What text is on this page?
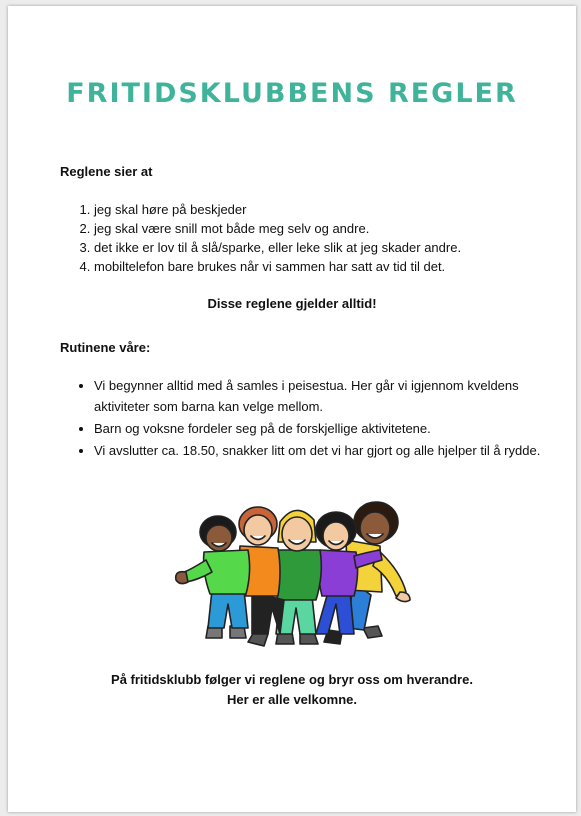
FRITIDSKLUBBENS REGLER
Reglene sier at
1. jeg skal høre på beskjeder
2. jeg skal være snill mot både meg selv og andre.
3. det ikke er lov til å slå/sparke, eller leke slik at jeg skader andre.
4. mobiltelefon bare brukes når vi sammen har satt av tid til det.
Disse reglene gjelder alltid!
Rutinene våre:
• Vi begynner alltid med å samles i peisestua. Her går vi igjennom kveldens aktiviteter som barna kan velge mellom.
• Barn og voksne fordeler seg på de forskjellige aktivitetene.
• Vi avslutter ca. 18.50, snakker litt om det vi har gjort og alle hjelper til å rydde.
På fritidsklubb følger vi reglene og bryr oss om hverandre.
Her er alle velkomne.
